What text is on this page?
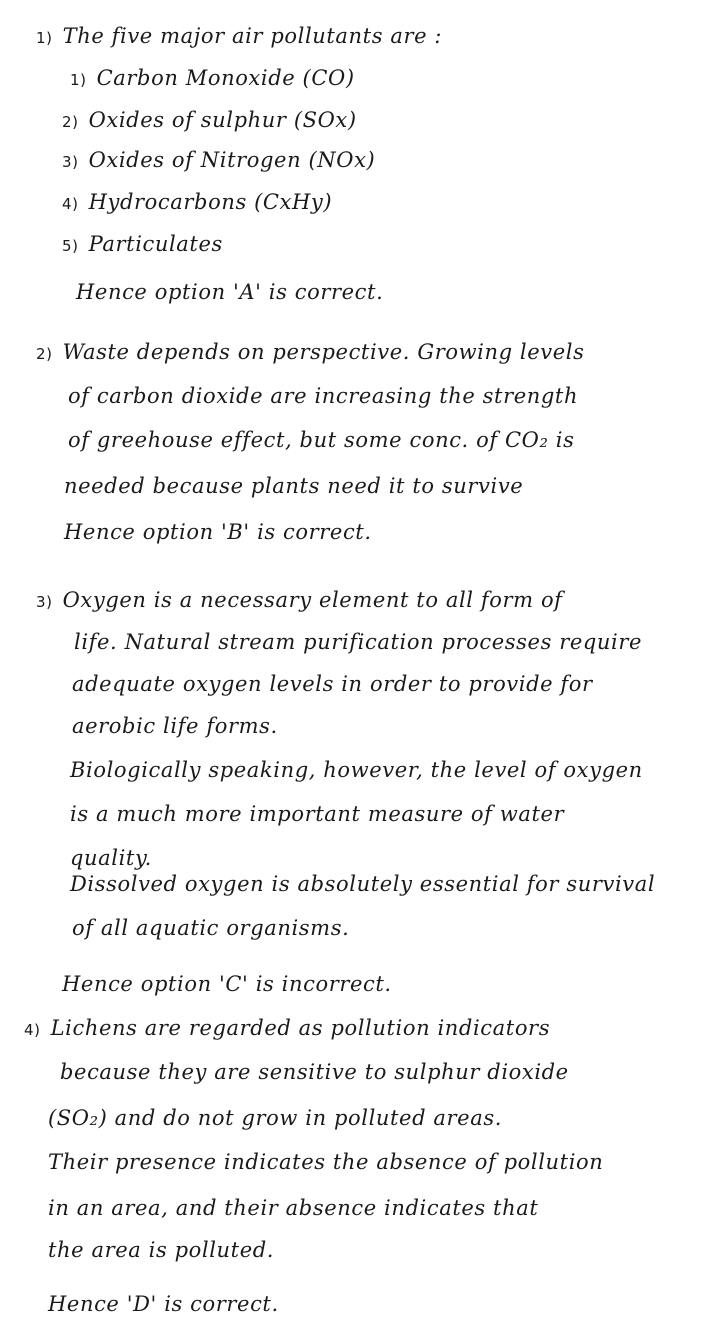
1) The five major air pollutants are :
1) Carbon Monoxide (CO)
2) Oxides of sulphur (SOx)
3) Oxides of Nitrogen (NOx)
4) Hydrocarbons (CxHy)
5) Particulates
Hence option 'A' is correct.
2) Waste depends on perspective. Growing levels
of carbon dioxide are increasing the strength
of greehouse effect, but some conc. of CO₂ is
needed because plants need it to survive
Hence option 'B' is correct.
3) Oxygen is a necessary element to all form of
life. Natural stream purification processes require
adequate oxygen levels in order to provide for
aerobic life forms.
Biologically speaking, however, the level of oxygen
is a much more important measure of water
quality.
Dissolved oxygen is absolutely essential for survival
of all aquatic organisms.
Hence option 'C' is incorrect.
4) Lichens are regarded as pollution indicators
because they are sensitive to sulphur dioxide
(SO₂) and do not grow in polluted areas.
Their presence indicates the absence of pollution
in an area, and their absence indicates that
the area is polluted.
Hence 'D' is correct.
